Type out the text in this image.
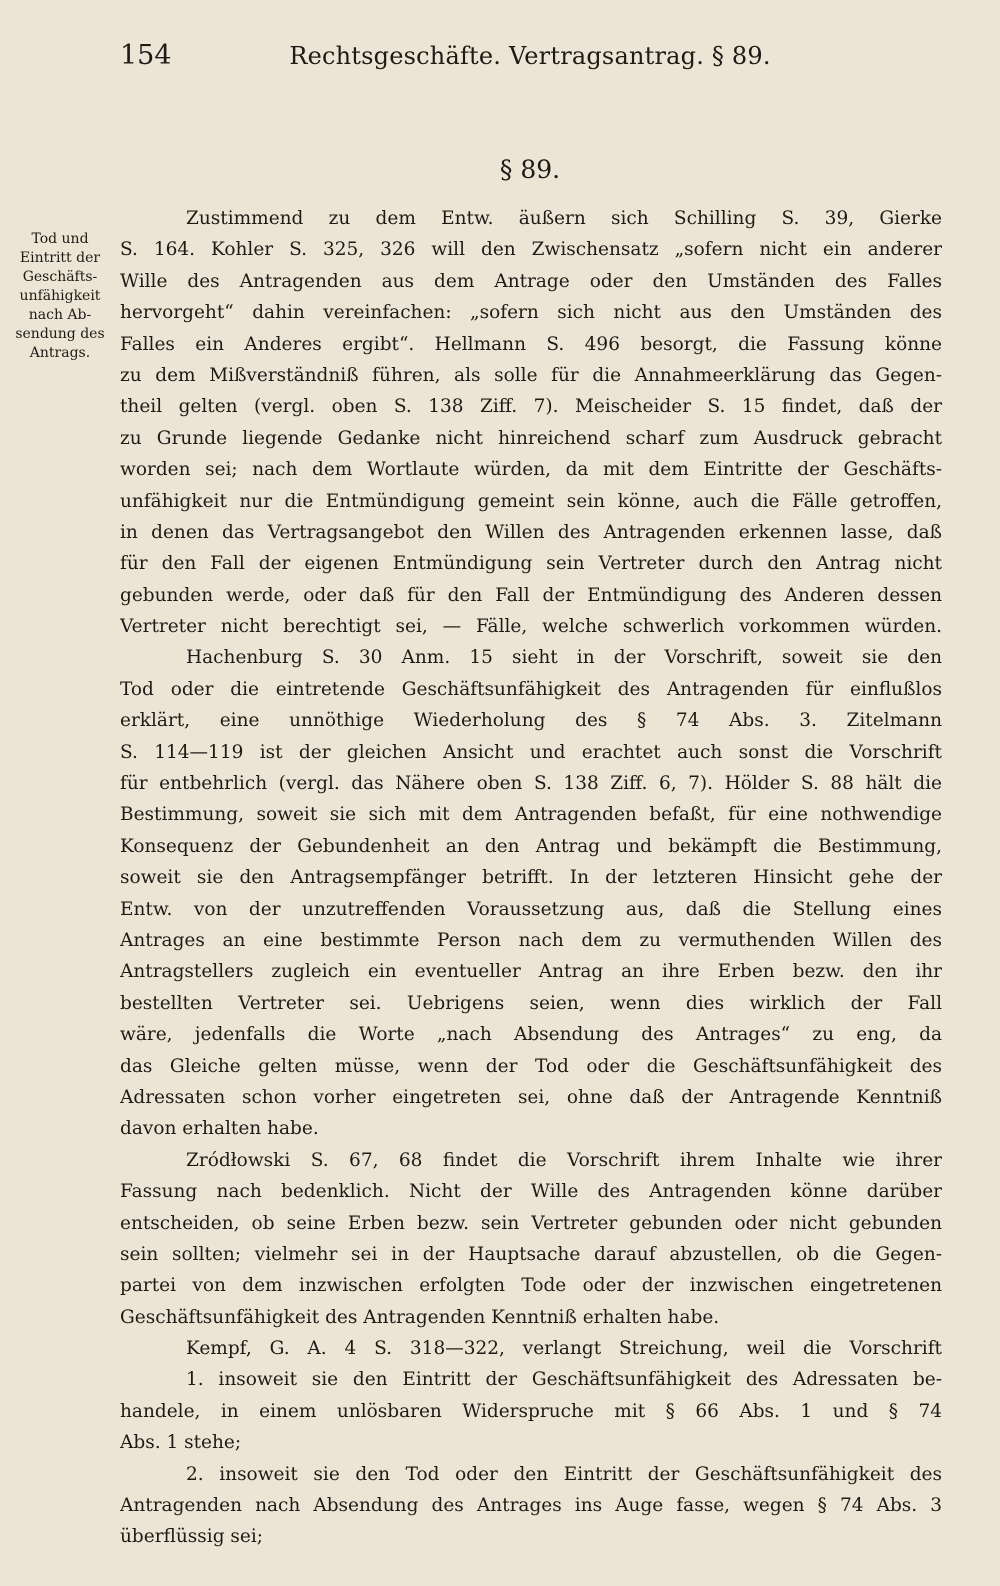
154	Rechtsgeschäfte. Vertragsantrag. § 89.
§ 89.
Tod und
Eintritt der
Geschäfts-
unfähigkeit
nach Ab-
sendung des
Antrags.
Zustimmend zu dem Entw. äußern sich Schilling S. 39, Gierke
S. 164. Kohler S. 325, 326 will den Zwischensatz „sofern nicht ein anderer
Wille des Antragenden aus dem Antrage oder den Umständen des Falles
hervorgeht“ dahin vereinfachen: „sofern sich nicht aus den Umständen des
Falles ein Anderes ergibt“. Hellmann S. 496 besorgt, die Fassung könne
zu dem Mißverständniß führen, als solle für die Annahmeerklärung das Gegen-
theil gelten (vergl. oben S. 138 Ziff. 7). Meischeider S. 15 findet, daß der
zu Grunde liegende Gedanke nicht hinreichend scharf zum Ausdruck gebracht
worden sei; nach dem Wortlaute würden, da mit dem Eintritte der Geschäfts-
unfähigkeit nur die Entmündigung gemeint sein könne, auch die Fälle getroffen,
in denen das Vertragsangebot den Willen des Antragenden erkennen lasse, daß
für den Fall der eigenen Entmündigung sein Vertreter durch den Antrag nicht
gebunden werde, oder daß für den Fall der Entmündigung des Anderen dessen
Vertreter nicht berechtigt sei, — Fälle, welche schwerlich vorkommen würden.
Hachenburg S. 30 Anm. 15 sieht in der Vorschrift, soweit sie den
Tod oder die eintretende Geschäftsunfähigkeit des Antragenden für einflußlos
erklärt, eine unnöthige Wiederholung des § 74 Abs. 3. Zitelmann
S. 114—119 ist der gleichen Ansicht und erachtet auch sonst die Vorschrift
für entbehrlich (vergl. das Nähere oben S. 138 Ziff. 6, 7). Hölder S. 88 hält die
Bestimmung, soweit sie sich mit dem Antragenden befaßt, für eine nothwendige
Konsequenz der Gebundenheit an den Antrag und bekämpft die Bestimmung,
soweit sie den Antragsempfänger betrifft. In der letzteren Hinsicht gehe der
Entw. von der unzutreffenden Voraussetzung aus, daß die Stellung eines
Antrages an eine bestimmte Person nach dem zu vermuthenden Willen des
Antragstellers zugleich ein eventueller Antrag an ihre Erben bezw. den ihr
bestellten Vertreter sei. Uebrigens seien, wenn dies wirklich der Fall
wäre, jedenfalls die Worte „nach Absendung des Antrages“ zu eng, da
das Gleiche gelten müsse, wenn der Tod oder die Geschäftsunfähigkeit des
Adressaten schon vorher eingetreten sei, ohne daß der Antragende Kenntniß
davon erhalten habe.
Zródłowski S. 67, 68 findet die Vorschrift ihrem Inhalte wie ihrer
Fassung nach bedenklich. Nicht der Wille des Antragenden könne darüber
entscheiden, ob seine Erben bezw. sein Vertreter gebunden oder nicht gebunden
sein sollten; vielmehr sei in der Hauptsache darauf abzustellen, ob die Gegen-
partei von dem inzwischen erfolgten Tode oder der inzwischen eingetretenen
Geschäftsunfähigkeit des Antragenden Kenntniß erhalten habe.
Kempf, G. A. 4 S. 318—322, verlangt Streichung, weil die Vorschrift
1. insoweit sie den Eintritt der Geschäftsunfähigkeit des Adressaten be-
handele, in einem unlösbaren Widerspruche mit § 66 Abs. 1 und § 74
Abs. 1 stehe;
2. insoweit sie den Tod oder den Eintritt der Geschäftsunfähigkeit des
Antragenden nach Absendung des Antrages ins Auge fasse, wegen § 74 Abs. 3
überflüssig sei;
